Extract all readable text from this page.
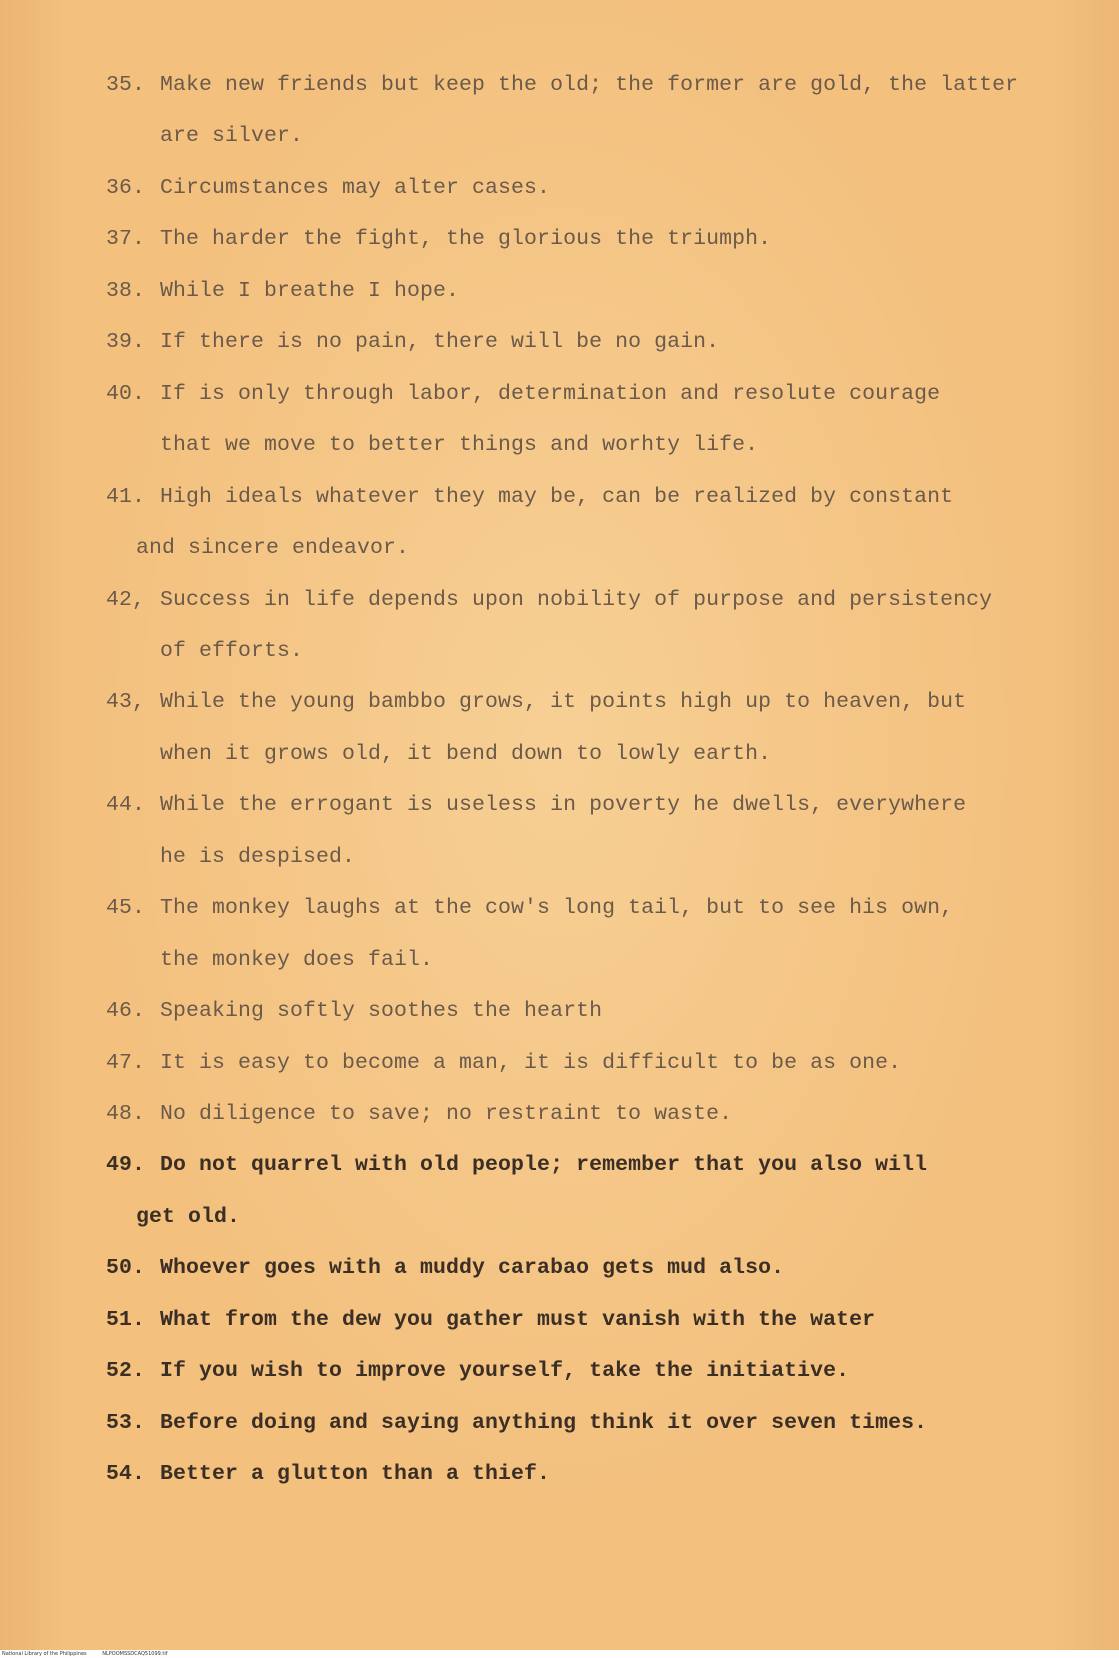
35. Make new friends but keep the old; the former are gold, the latter
are silver.
36. Circumstances may alter cases.
37. The harder the fight, the glorious the triumph.
38. While I breathe I hope.
39. If there is no pain, there will be no gain.
40. If is only through labor, determination and resolute courage
that we move to better things and worhty life.
41. High ideals whatever they may be, can be realized by constant
and sincere endeavor.
42, Success in life depends upon nobility of purpose and persistency
of efforts.
43, While the young bambbo grows, it points high up to heaven, but
when it grows old, it bend down to lowly earth.
44. While the errogant is useless in poverty he dwells, everywhere
he is despised.
45. The monkey laughs at the cow's long tail, but to see his own,
the monkey does fail.
46. Speaking softly soothes the hearth
47. It is easy to become a man, it is difficult to be as one.
48. No diligence to save; no restraint to waste.
49. Do not quarrel with old people; remember that you also will
get old.
50. Whoever goes with a muddy carabao gets mud also.
51. What from the dew you gather must vanish with the water
52. If you wish to improve yourself, take the initiative.
53. Before doing and saying anything think it over seven times.
54. Better a glutton than a thief.
National Library of the Philippines	NLPOOMSSDCAQ51099.tif
